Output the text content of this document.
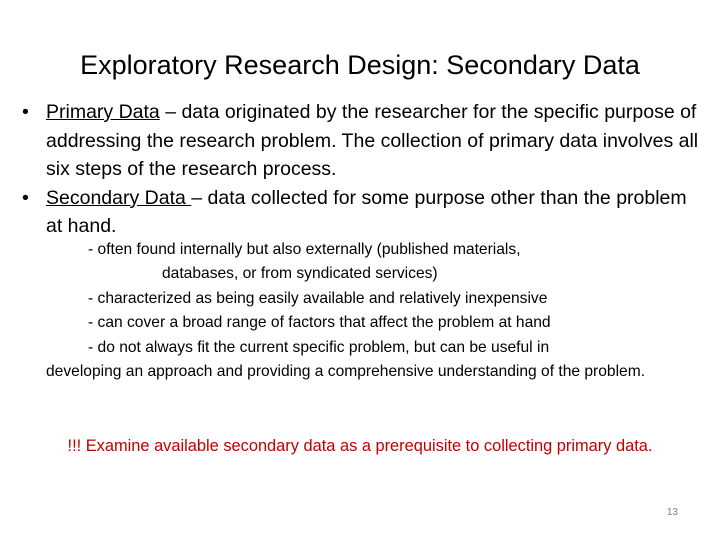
Exploratory Research Design: Secondary Data
• Primary Data – data originated by the researcher for the specific purpose of addressing the research problem. The collection of primary data involves all six steps of the research process.
• Secondary Data – data collected for some purpose other than the problem at hand.

- often found internally but also externally (published materials,

databases, or from syndicated services)

- characterized as being easily available and relatively inexpensive

- can cover a broad range of factors that affect the problem at hand

- do not always fit the current specific problem, but can be useful in

developing an approach and providing a comprehensive understanding of the problem.

!!! Examine available secondary data as a prerequisite to collecting primary data.
13
